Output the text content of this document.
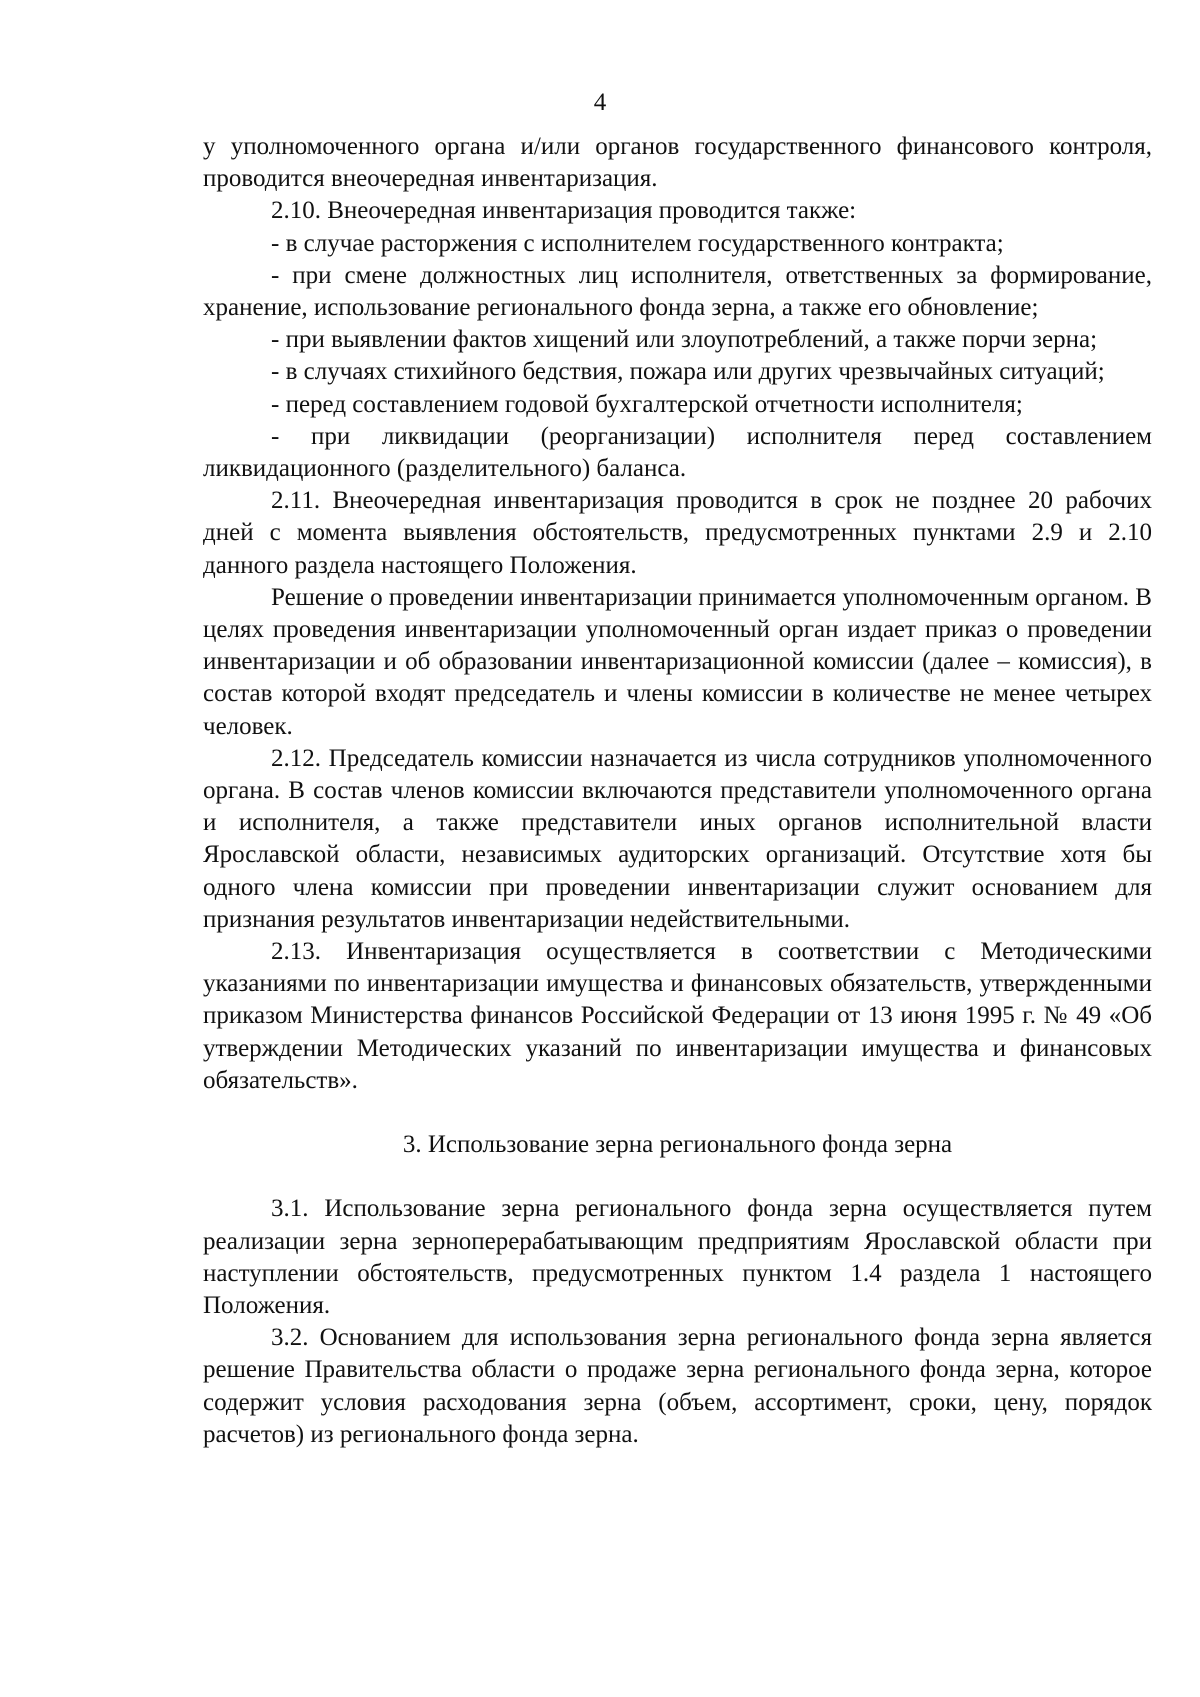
4

у уполномоченного органа и/или органов государственного финансового контроля, проводится внеочередная инвентаризация.

2.10. Внеочередная инвентаризация проводится также:

- в случае расторжения с исполнителем государственного контракта;

- при смене должностных лиц исполнителя, ответственных за формирование, хранение, использование регионального фонда зерна, а также его обновление;

- при выявлении фактов хищений или злоупотреблений, а также порчи зерна;

- в случаях стихийного бедствия, пожара или других чрезвычайных ситуаций;

- перед составлением годовой бухгалтерской отчетности исполнителя;

- при ликвидации (реорганизации) исполнителя перед составлением ликвидационного (разделительного) баланса.

2.11. Внеочередная инвентаризация проводится в срок не позднее 20 рабочих дней с момента выявления обстоятельств, предусмотренных пунктами 2.9 и 2.10 данного раздела настоящего Положения.

Решение о проведении инвентаризации принимается уполномоченным органом. В целях проведения инвентаризации уполномоченный орган издает приказ о проведении инвентаризации и об образовании инвентаризационной комиссии (далее – комиссия), в состав которой входят председатель и члены комиссии в количестве не менее четырех человек.

2.12. Председатель комиссии назначается из числа сотрудников уполномоченного органа. В состав членов комиссии включаются представители уполномоченного органа и исполнителя, а также представители иных органов исполнительной власти Ярославской области, независимых аудиторских организаций. Отсутствие хотя бы одного члена комиссии при проведении инвентаризации служит основанием для признания результатов инвентаризации недействительными.

2.13. Инвентаризация осуществляется в соответствии с Методическими указаниями по инвентаризации имущества и финансовых обязательств, утвержденными приказом Министерства финансов Российской Федерации от 13 июня 1995 г. № 49 «Об утверждении Методических указаний по инвентаризации имущества и финансовых обязательств».

3. Использование зерна регионального фонда зерна

3.1. Использование зерна регионального фонда зерна осуществляется путем реализации зерна зерноперерабатывающим предприятиям Ярославской области при наступлении обстоятельств, предусмотренных пунктом 1.4 раздела 1 настоящего Положения.

3.2. Основанием для использования зерна регионального фонда зерна является решение Правительства области о продаже зерна регионального фонда зерна, которое содержит условия расходования зерна (объем, ассортимент, сроки, цену, порядок расчетов) из регионального фонда зерна.
